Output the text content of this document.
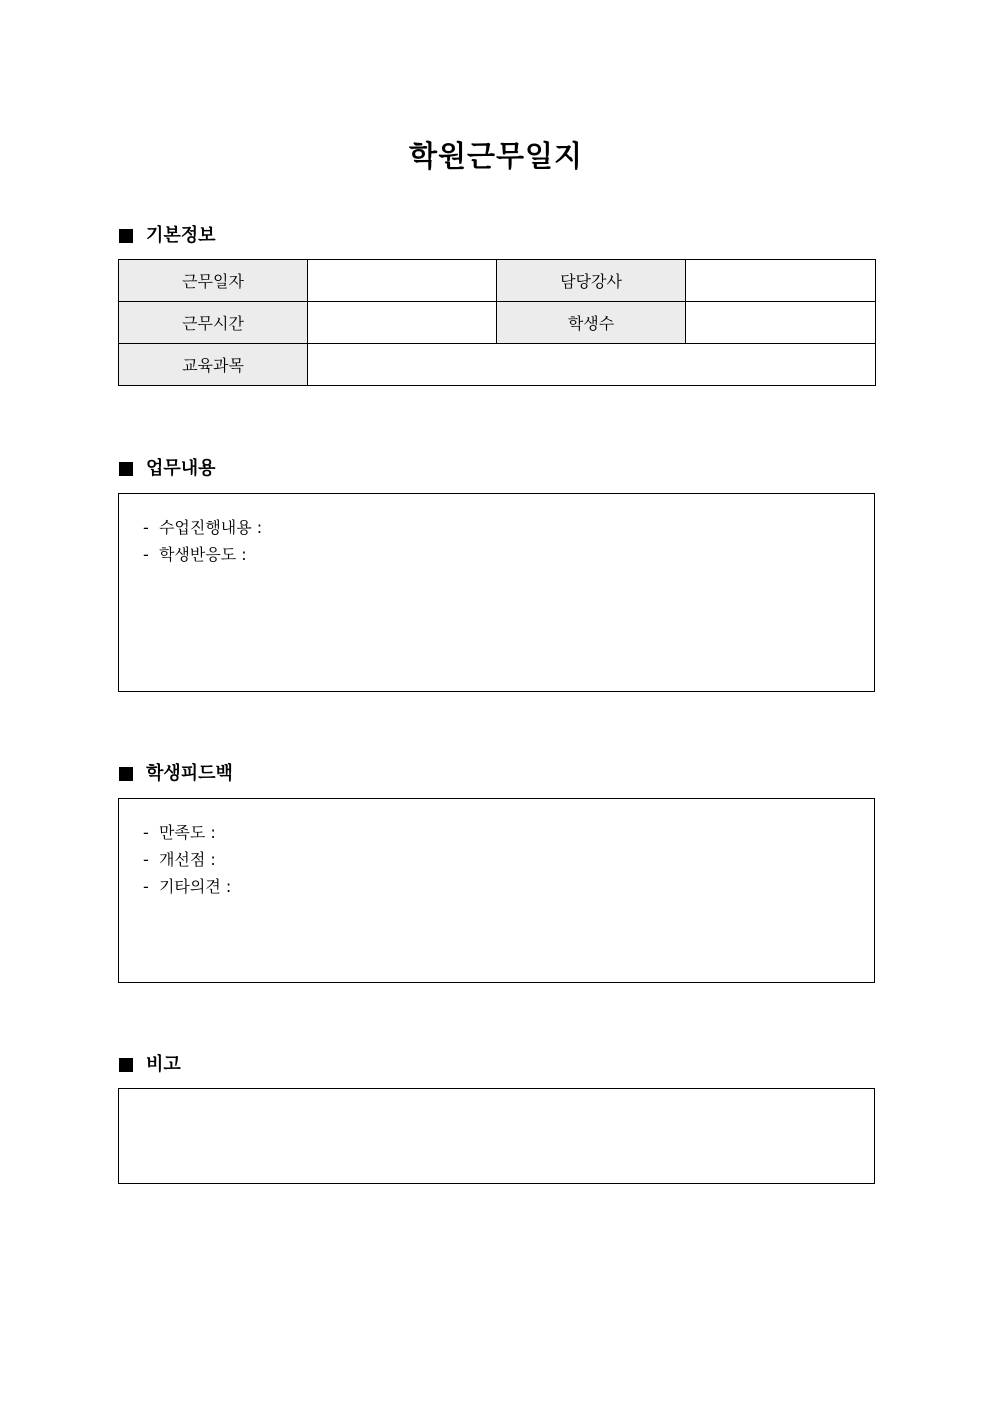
학원근무일지
기본정보
근무일자		담당강사	
근무시간		학생수	
교육과목			
업무내용
-  수업진행내용 :
-  학생반응도 :
학생피드백
-  만족도 :
-  개선점 :
-  기타의견 :
비고
